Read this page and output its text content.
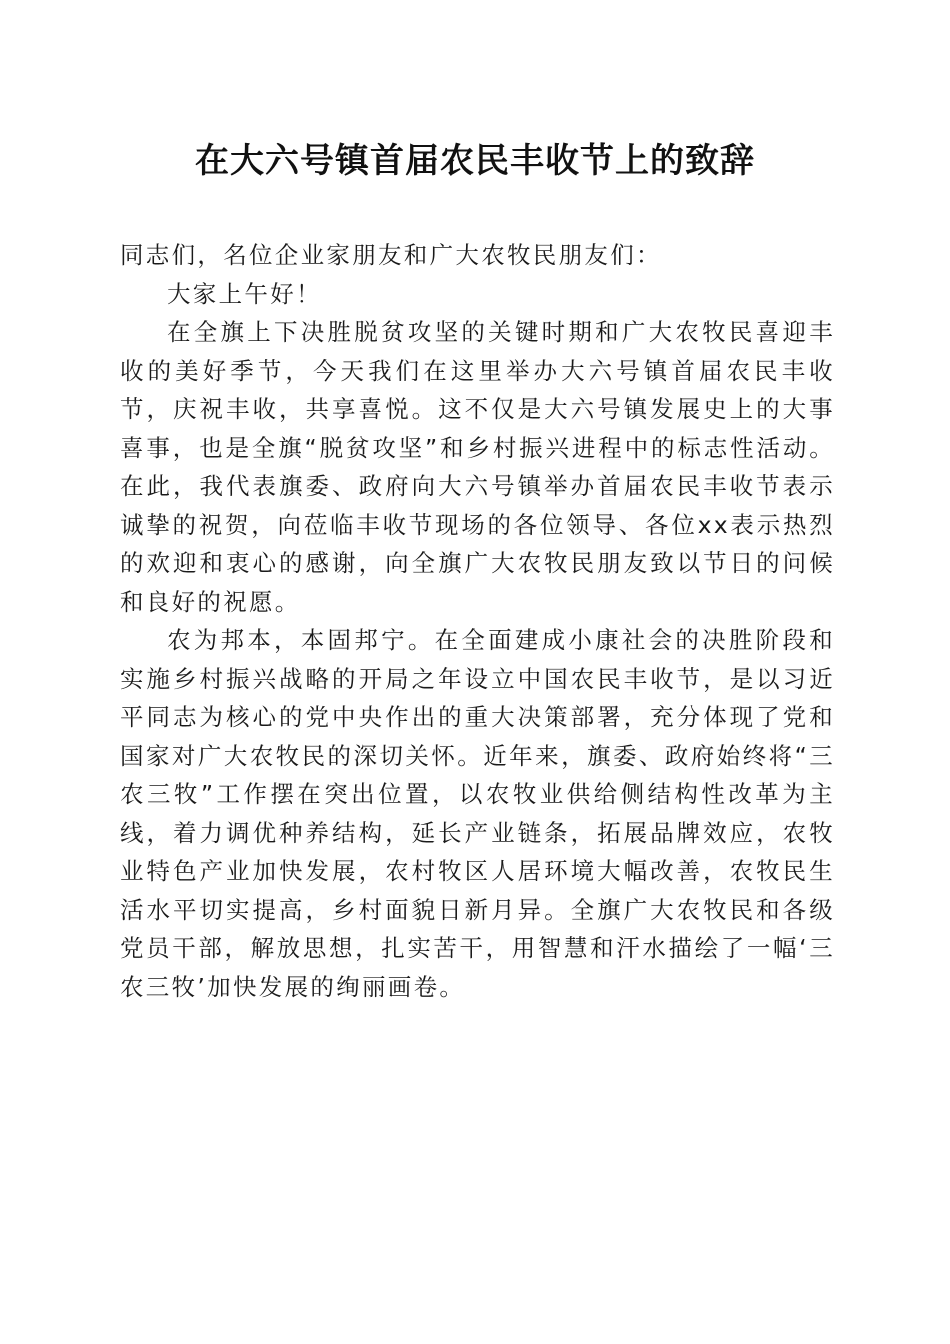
在大六号镇首届农民丰收节上的致辞

同志们，名位企业家朋友和广大农牧民朋友们：

大家上午好！

在全旗上下决胜脱贫攻坚的关键时期和广大农牧民喜迎丰收的美好季节，今天我们在这里举办大六号镇首届农民丰收节，庆祝丰收，共享喜悦。这不仅是大六号镇发展史上的大事喜事，也是全旗“脱贫攻坚”和乡村振兴进程中的标志性活动。在此，我代表旗委、政府向大六号镇举办首届农民丰收节表示诚挚的祝贺，向莅临丰收节现场的各位领导、各位xx表示热烈的欢迎和衷心的感谢，向全旗广大农牧民朋友致以节日的问候和良好的祝愿。

农为邦本，本固邦宁。在全面建成小康社会的决胜阶段和实施乡村振兴战略的开局之年设立中国农民丰收节，是以习近平同志为核心的党中央作出的重大决策部署，充分体现了党和国家对广大农牧民的深切关怀。近年来，旗委、政府始终将“三农三牧”工作摆在突出位置，以农牧业供给侧结构性改革为主线，着力调优种养结构，延长产业链条，拓展品牌效应，农牧业特色产业加快发展，农村牧区人居环境大幅改善，农牧民生活水平切实提高，乡村面貌日新月异。全旗广大农牧民和各级党员干部，解放思想，扎实苦干，用智慧和汗水描绘了一幅‘三农三牧’加快发展的绚丽画卷。
